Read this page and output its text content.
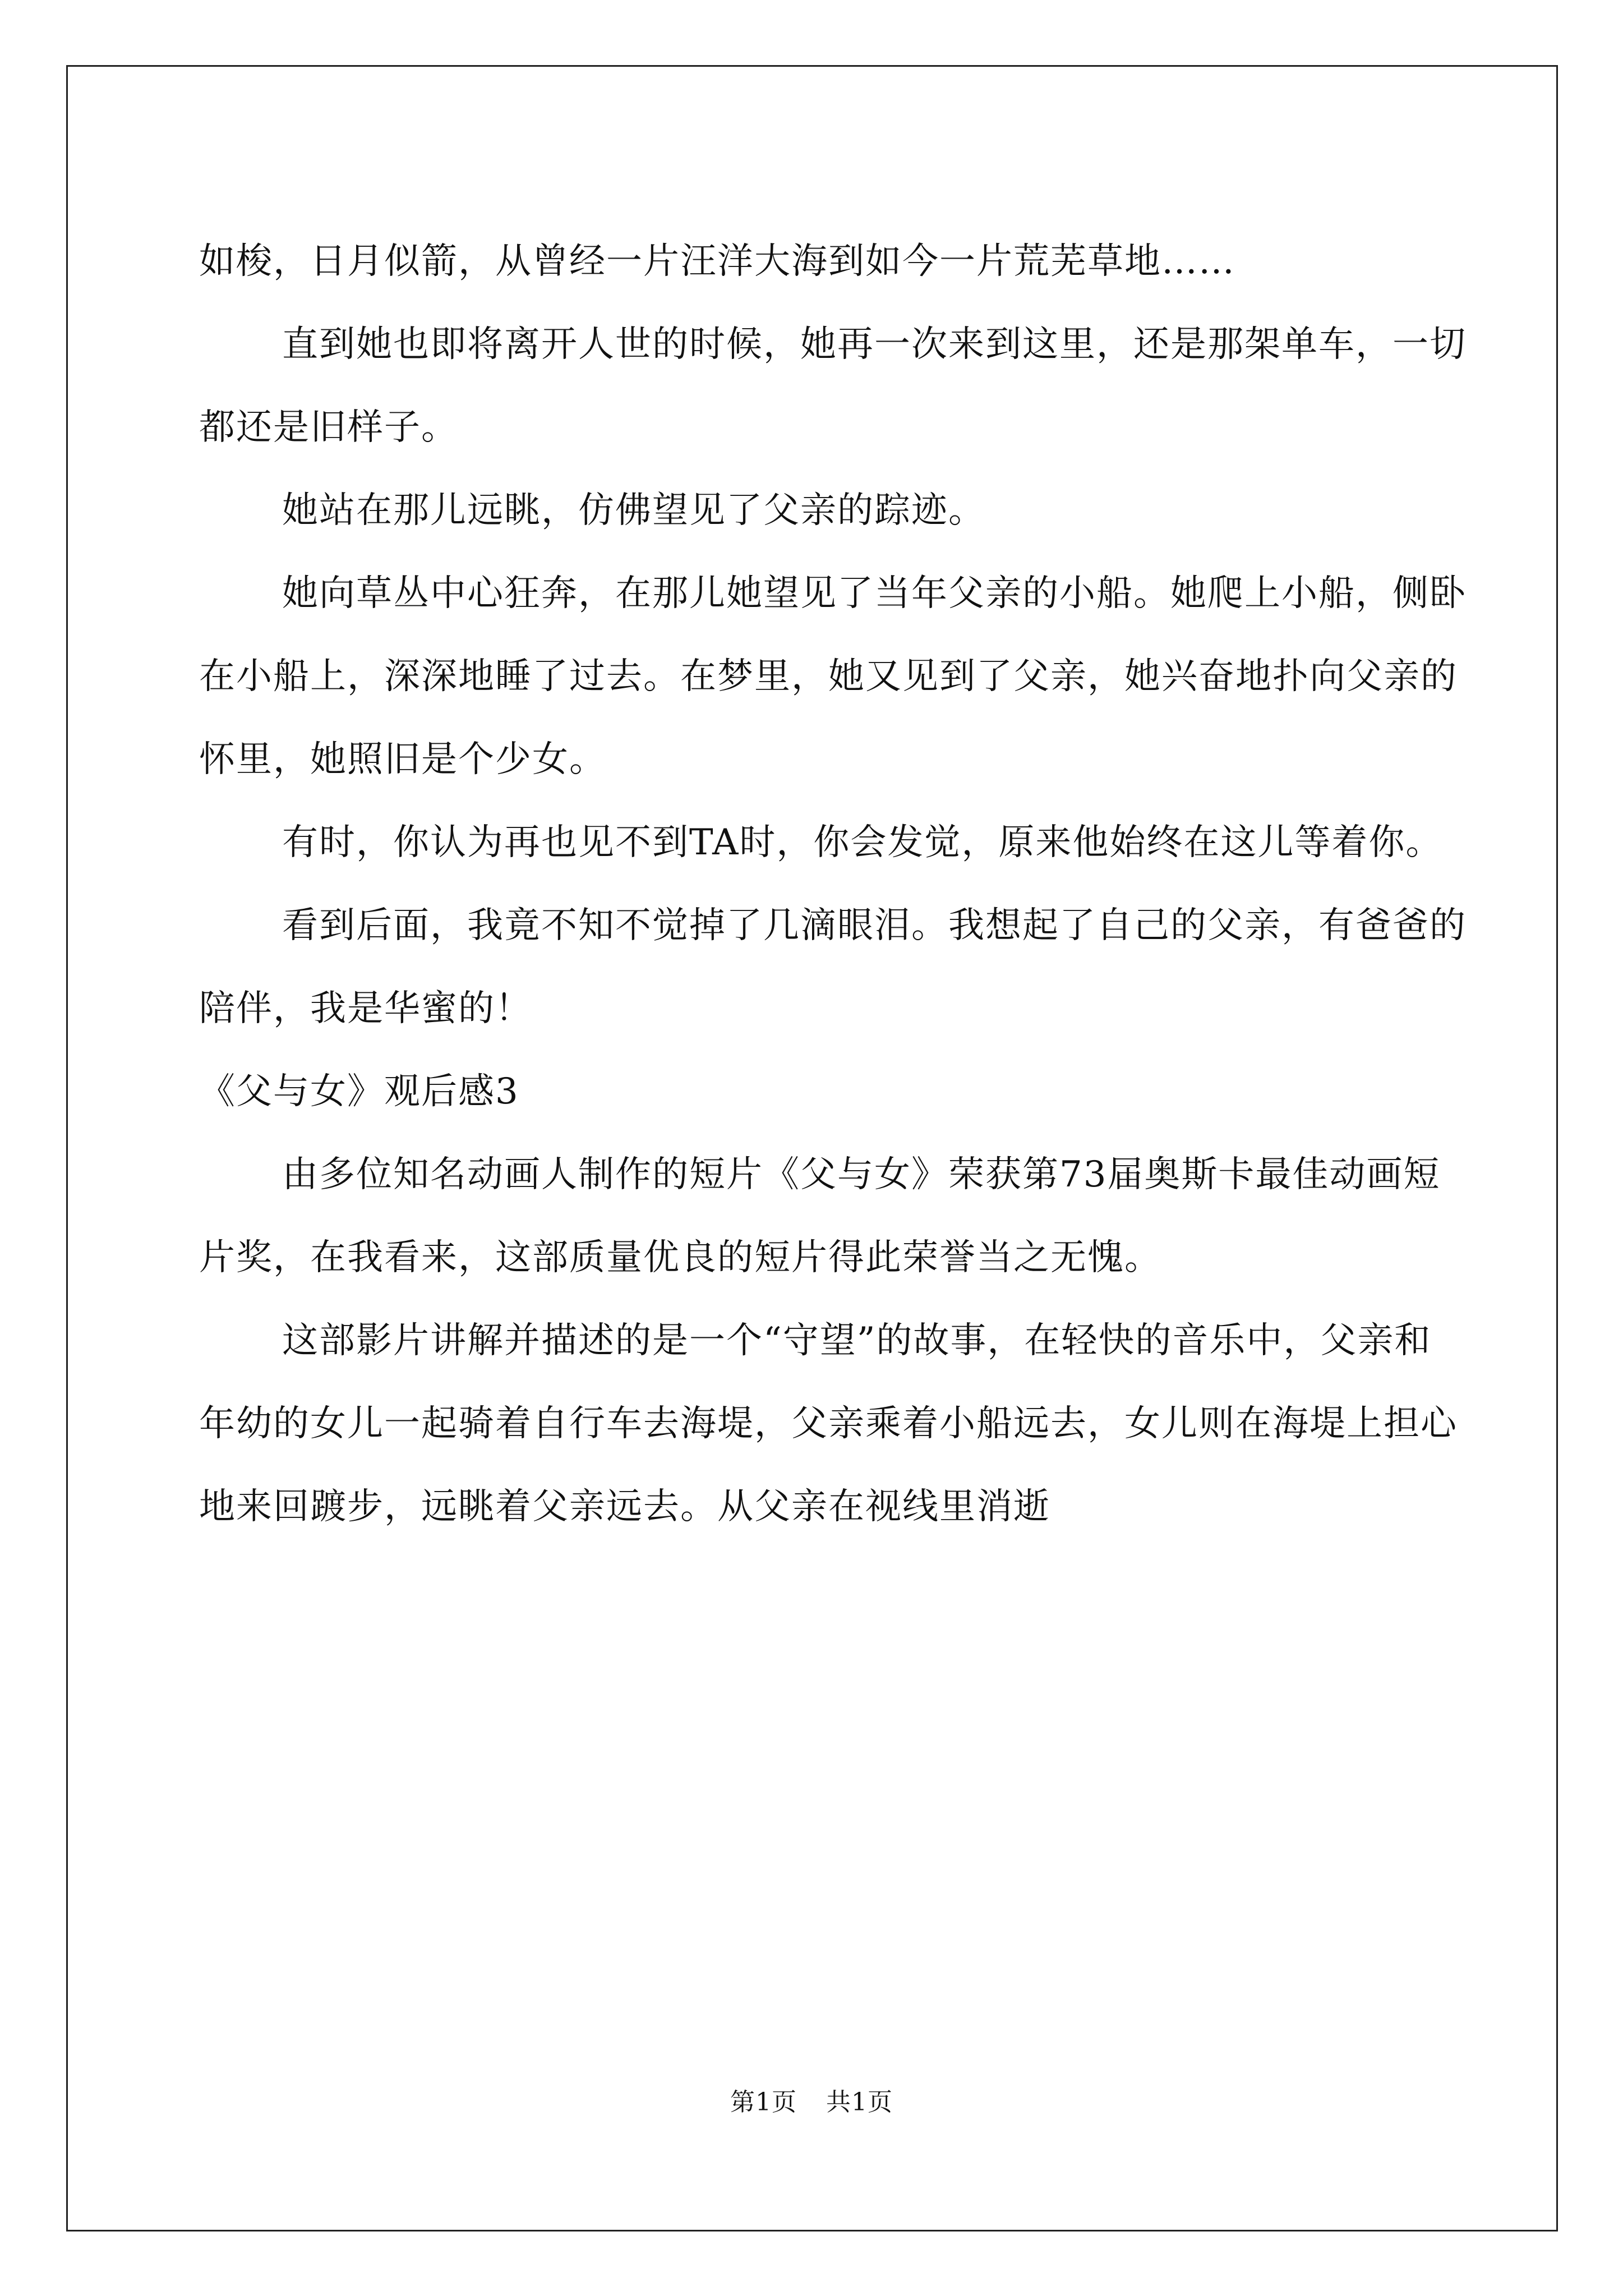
如梭，日月似箭，从曾经一片汪洋大海到如今一片荒芜草地……

直到她也即将离开人世的时候，她再一次来到这里，还是那架单车，一切都还是旧样子。

她站在那儿远眺，仿佛望见了父亲的踪迹。

她向草丛中心狂奔，在那儿她望见了当年父亲的小船。她爬上小船，侧卧在小船上，深深地睡了过去。在梦里，她又见到了父亲，她兴奋地扑向父亲的怀里，她照旧是个少女。

有时，你认为再也见不到TA时，你会发觉，原来他始终在这儿等着你。

看到后面，我竟不知不觉掉了几滴眼泪。我想起了自己的父亲，有爸爸的陪伴，我是华蜜的！

《父与女》观后感3

由多位知名动画人制作的短片《父与女》荣获第73届奥斯卡最佳动画短片奖，在我看来，这部质量优良的短片得此荣誉当之无愧。

这部影片讲解并描述的是一个“守望”的故事，在轻快的音乐中，父亲和年幼的女儿一起骑着自行车去海堤，父亲乘着小船远去，女儿则在海堤上担心地来回踱步，远眺着父亲远去。从父亲在视线里消逝

第1页 共1页
